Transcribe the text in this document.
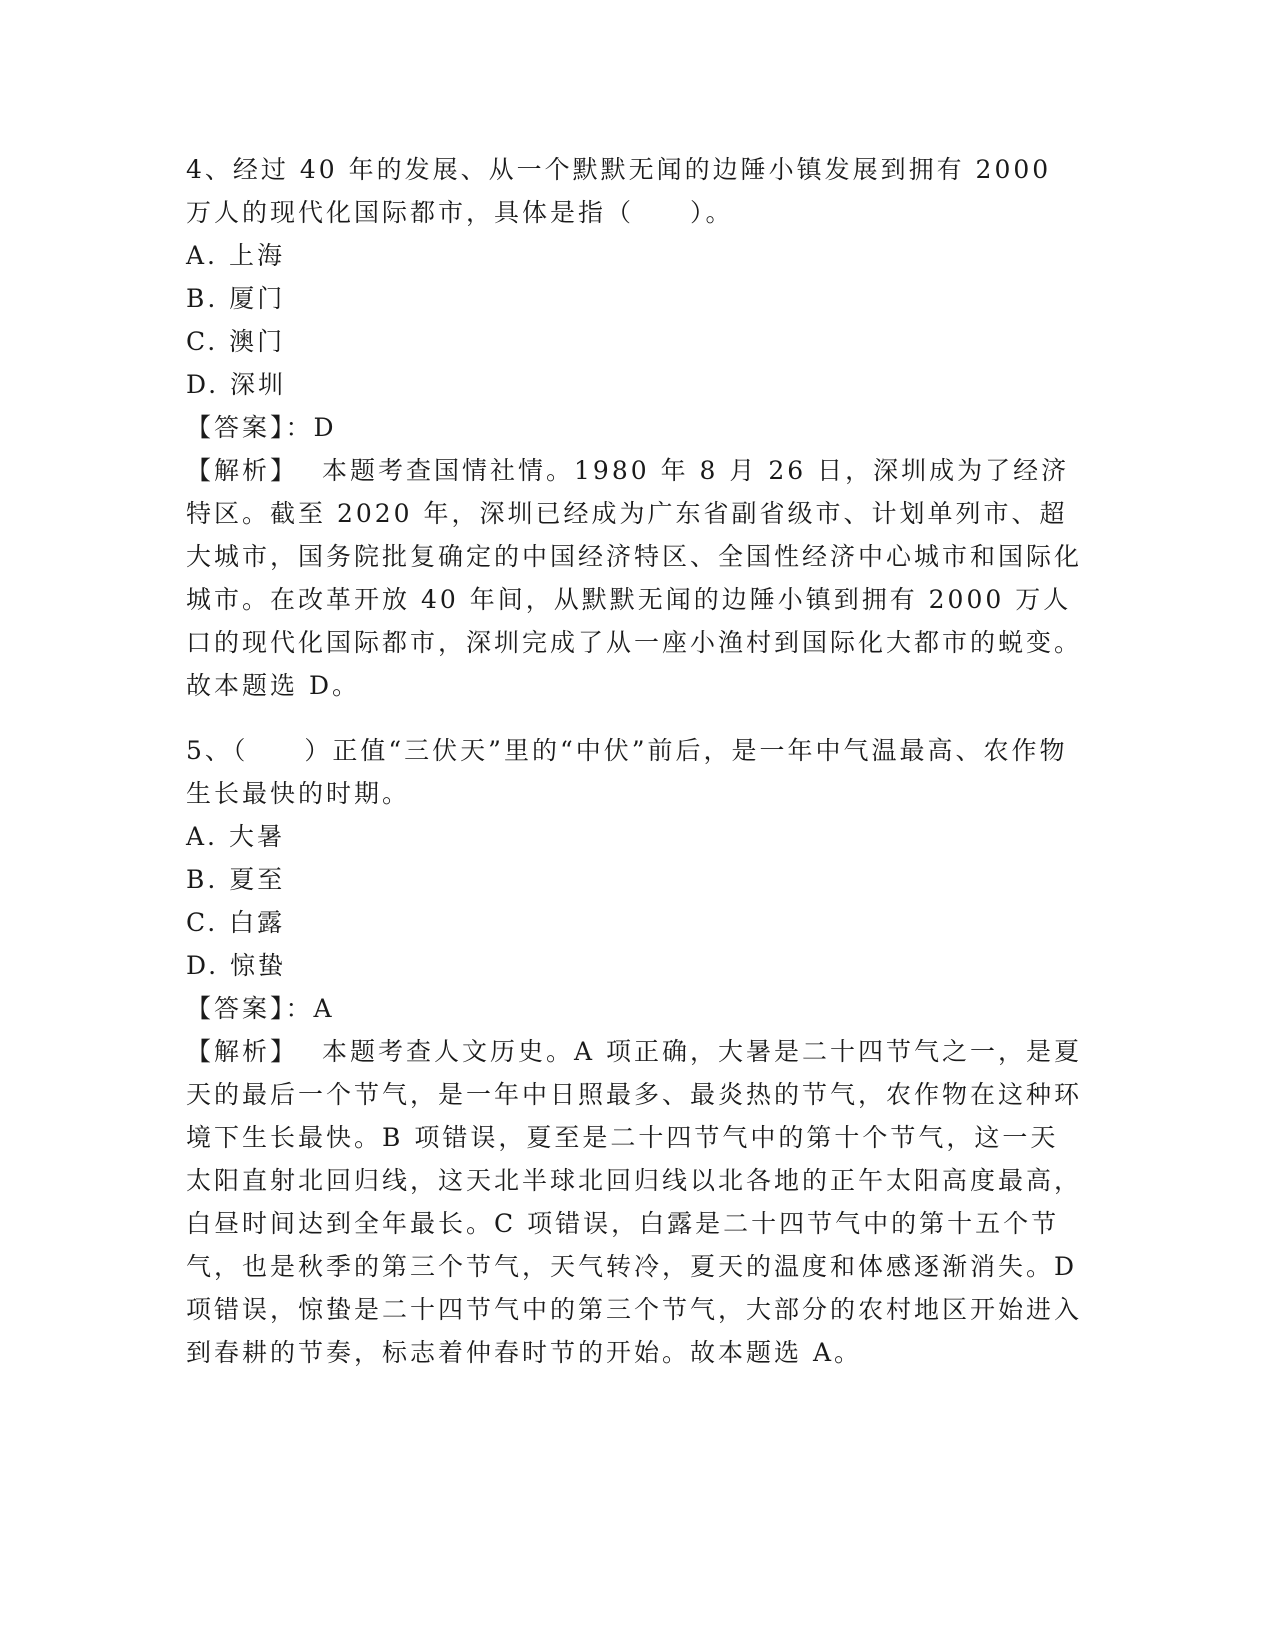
4、经过 40 年的发展、从一个默默无闻的边陲小镇发展到拥有 2000 万人的现代化国际都市，具体是指（　　）。
A. 上海
B. 厦门
C. 澳门
D. 深圳
【答案】：D
【解析】 本题考查国情社情。1980 年 8 月 26 日，深圳成为了经济特区。截至 2020 年，深圳已经成为广东省副省级市、计划单列市、超大城市，国务院批复确定的中国经济特区、全国性经济中心城市和国际化城市。在改革开放 40 年间，从默默无闻的边陲小镇到拥有 2000 万人口的现代化国际都市，深圳完成了从一座小渔村到国际化大都市的蜕变。故本题选 D。
5、（　　）正值“三伏天”里的“中伏”前后，是一年中气温最高、农作物生长最快的时期。
A. 大暑
B. 夏至
C. 白露
D. 惊蛰
【答案】：A
【解析】 本题考查人文历史。A 项正确，大暑是二十四节气之一，是夏天的最后一个节气，是一年中日照最多、最炎热的节气，农作物在这种环境下生长最快。B 项错误，夏至是二十四节气中的第十个节气，这一天太阳直射北回归线，这天北半球北回归线以北各地的正午太阳高度最高，白昼时间达到全年最长。C 项错误，白露是二十四节气中的第十五个节气，也是秋季的第三个节气，天气转冷，夏天的温度和体感逐渐消失。D 项错误，惊蛰是二十四节气中的第三个节气，大部分的农村地区开始进入到春耕的节奏，标志着仲春时节的开始。故本题选 A。
